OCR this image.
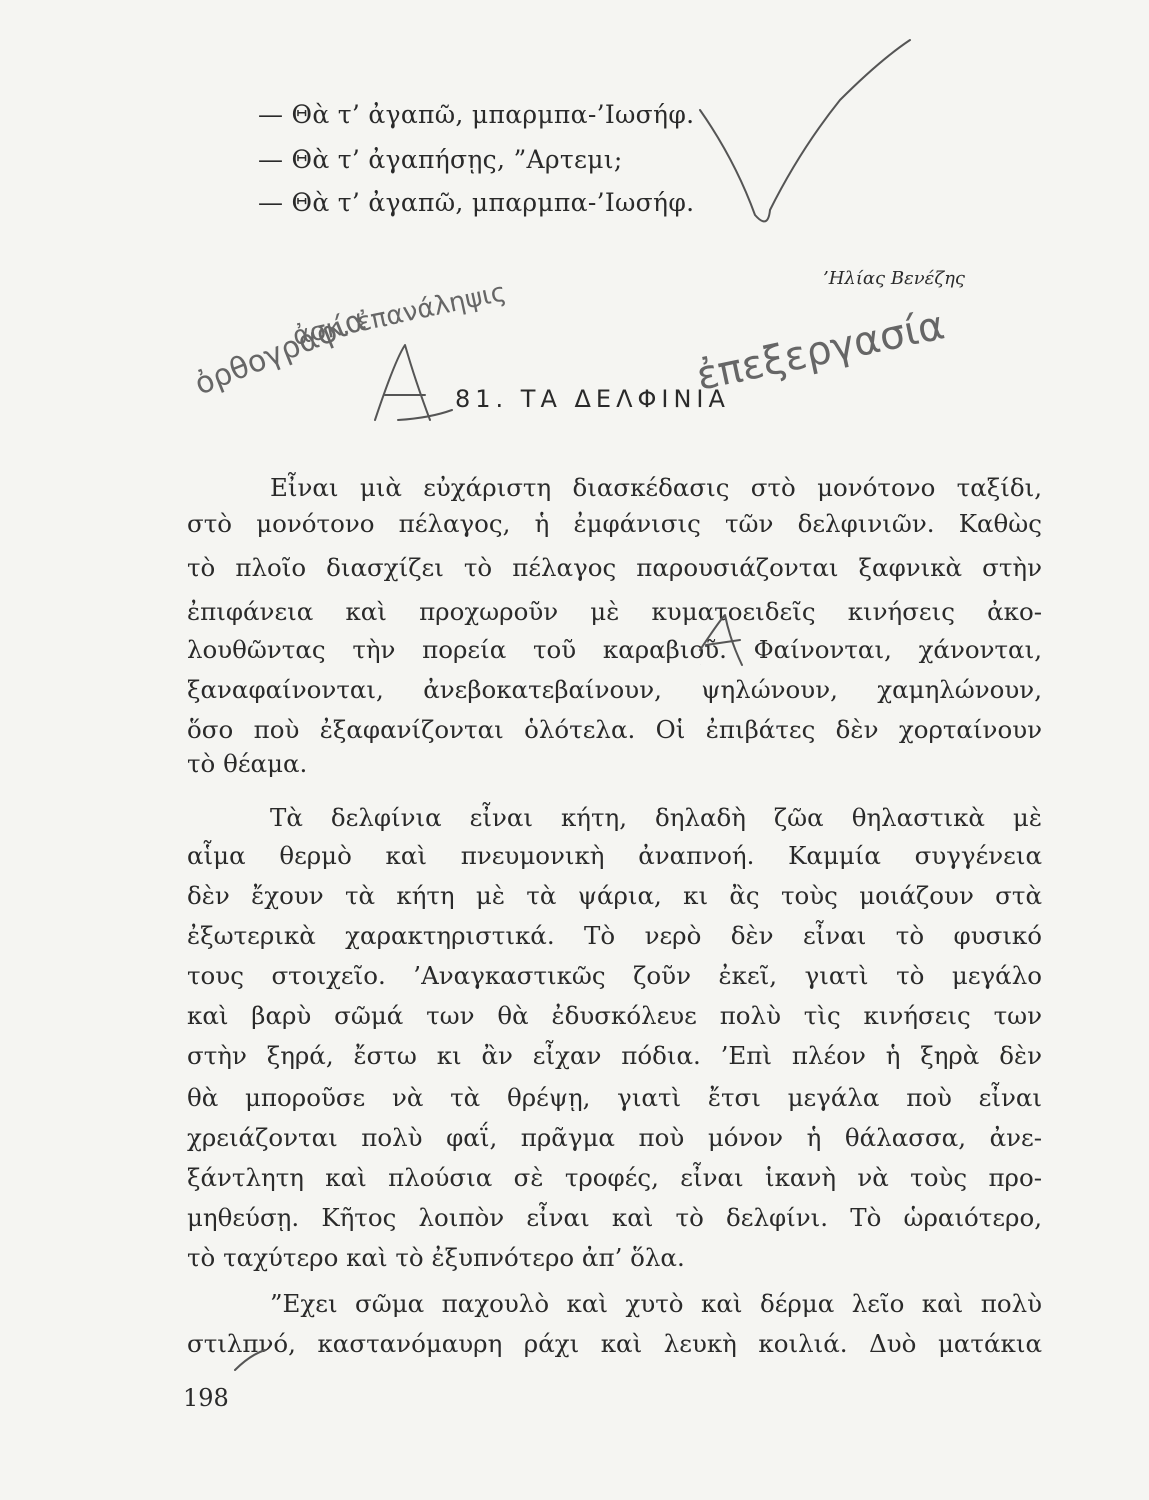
— Θὰ τ’ ἀγαπῶ, μπαρμπα-’Ιωσήφ.
— Θὰ τ’ ἀγαπήσῃς, ”Αρτεμι;
— Θὰ τ’ ἀγαπῶ, μπαρμπα-’Ιωσήφ.
’Ηλίας Βενέζης
81. ΤΑ ΔΕΛΦΙΝΙΑ
Εἶναι μιὰ εὐχάριστη διασκέδασις στὸ μονότονο ταξίδι,
στὸ μονότονο πέλαγος, ἡ ἐμφάνισις τῶν δελφινιῶν. Καθὼς
τὸ πλοῖο διασχίζει τὸ πέλαγος παρουσιάζονται ξαφνικὰ στὴν
ἐπιφάνεια καὶ προχωροῦν μὲ κυματοειδεῖς κινήσεις ἀκο-
λουθῶντας τὴν πορεία τοῦ καραβιοῦ. Φαίνονται, χάνονται,
ξαναφαίνονται, ἀνεβοκατεβαίνουν, ψηλώνουν, χαμηλώνουν,
ὅσο ποὺ ἐξαφανίζονται ὁλότελα. Οἱ ἐπιβάτες δὲν χορταίνουν
τὸ θέαμα.
Τὰ δελφίνια εἶναι κήτη, δηλαδὴ ζῶα θηλαστικὰ μὲ
αἷμα θερμὸ καὶ πνευμονικὴ ἀναπνοή. Καμμία συγγένεια
δὲν ἔχουν τὰ κήτη μὲ τὰ ψάρια, κι ἂς τοὺς μοιάζουν στὰ
ἐξωτερικὰ χαρακτηριστικά. Τὸ νερὸ δὲν εἶναι τὸ φυσικό
τους στοιχεῖο. ’Αναγκαστικῶς ζοῦν ἐκεῖ, γιατὶ τὸ μεγάλο
καὶ βαρὺ σῶμά των θὰ ἐδυσκόλευε πολὺ τὶς κινήσεις των
στὴν ξηρά, ἔστω κι ἂν εἶχαν πόδια. ’Επὶ πλέον ἡ ξηρὰ δὲν
θὰ μποροῦσε νὰ τὰ θρέψῃ, γιατὶ ἔτσι μεγάλα ποὺ εἶναι
χρειάζονται πολὺ φαΐ, πρᾶγμα ποὺ μόνον ἡ θάλασσα, ἀνε-
ξάντλητη καὶ πλούσια σὲ τροφές, εἶναι ἱκανὴ νὰ τοὺς προ-
μηθεύσῃ. Κῆτος λοιπὸν εἶναι καὶ τὸ δελφίνι. Τὸ ὡραιότερο,
τὸ ταχύτερο καὶ τὸ ἐξυπνότερο ἀπ’ ὅλα.
”Εχει σῶμα παχουλὸ καὶ χυτὸ καὶ δέρμα λεῖο καὶ πολὺ
στιλπνό, καστανόμαυρη ράχι καὶ λευκὴ κοιλιά. Δυὸ ματάκια
198
ὀρθογραφία
ἀσκ. ἐπανάληψις	ἐπεξεργασία
Α
Α
